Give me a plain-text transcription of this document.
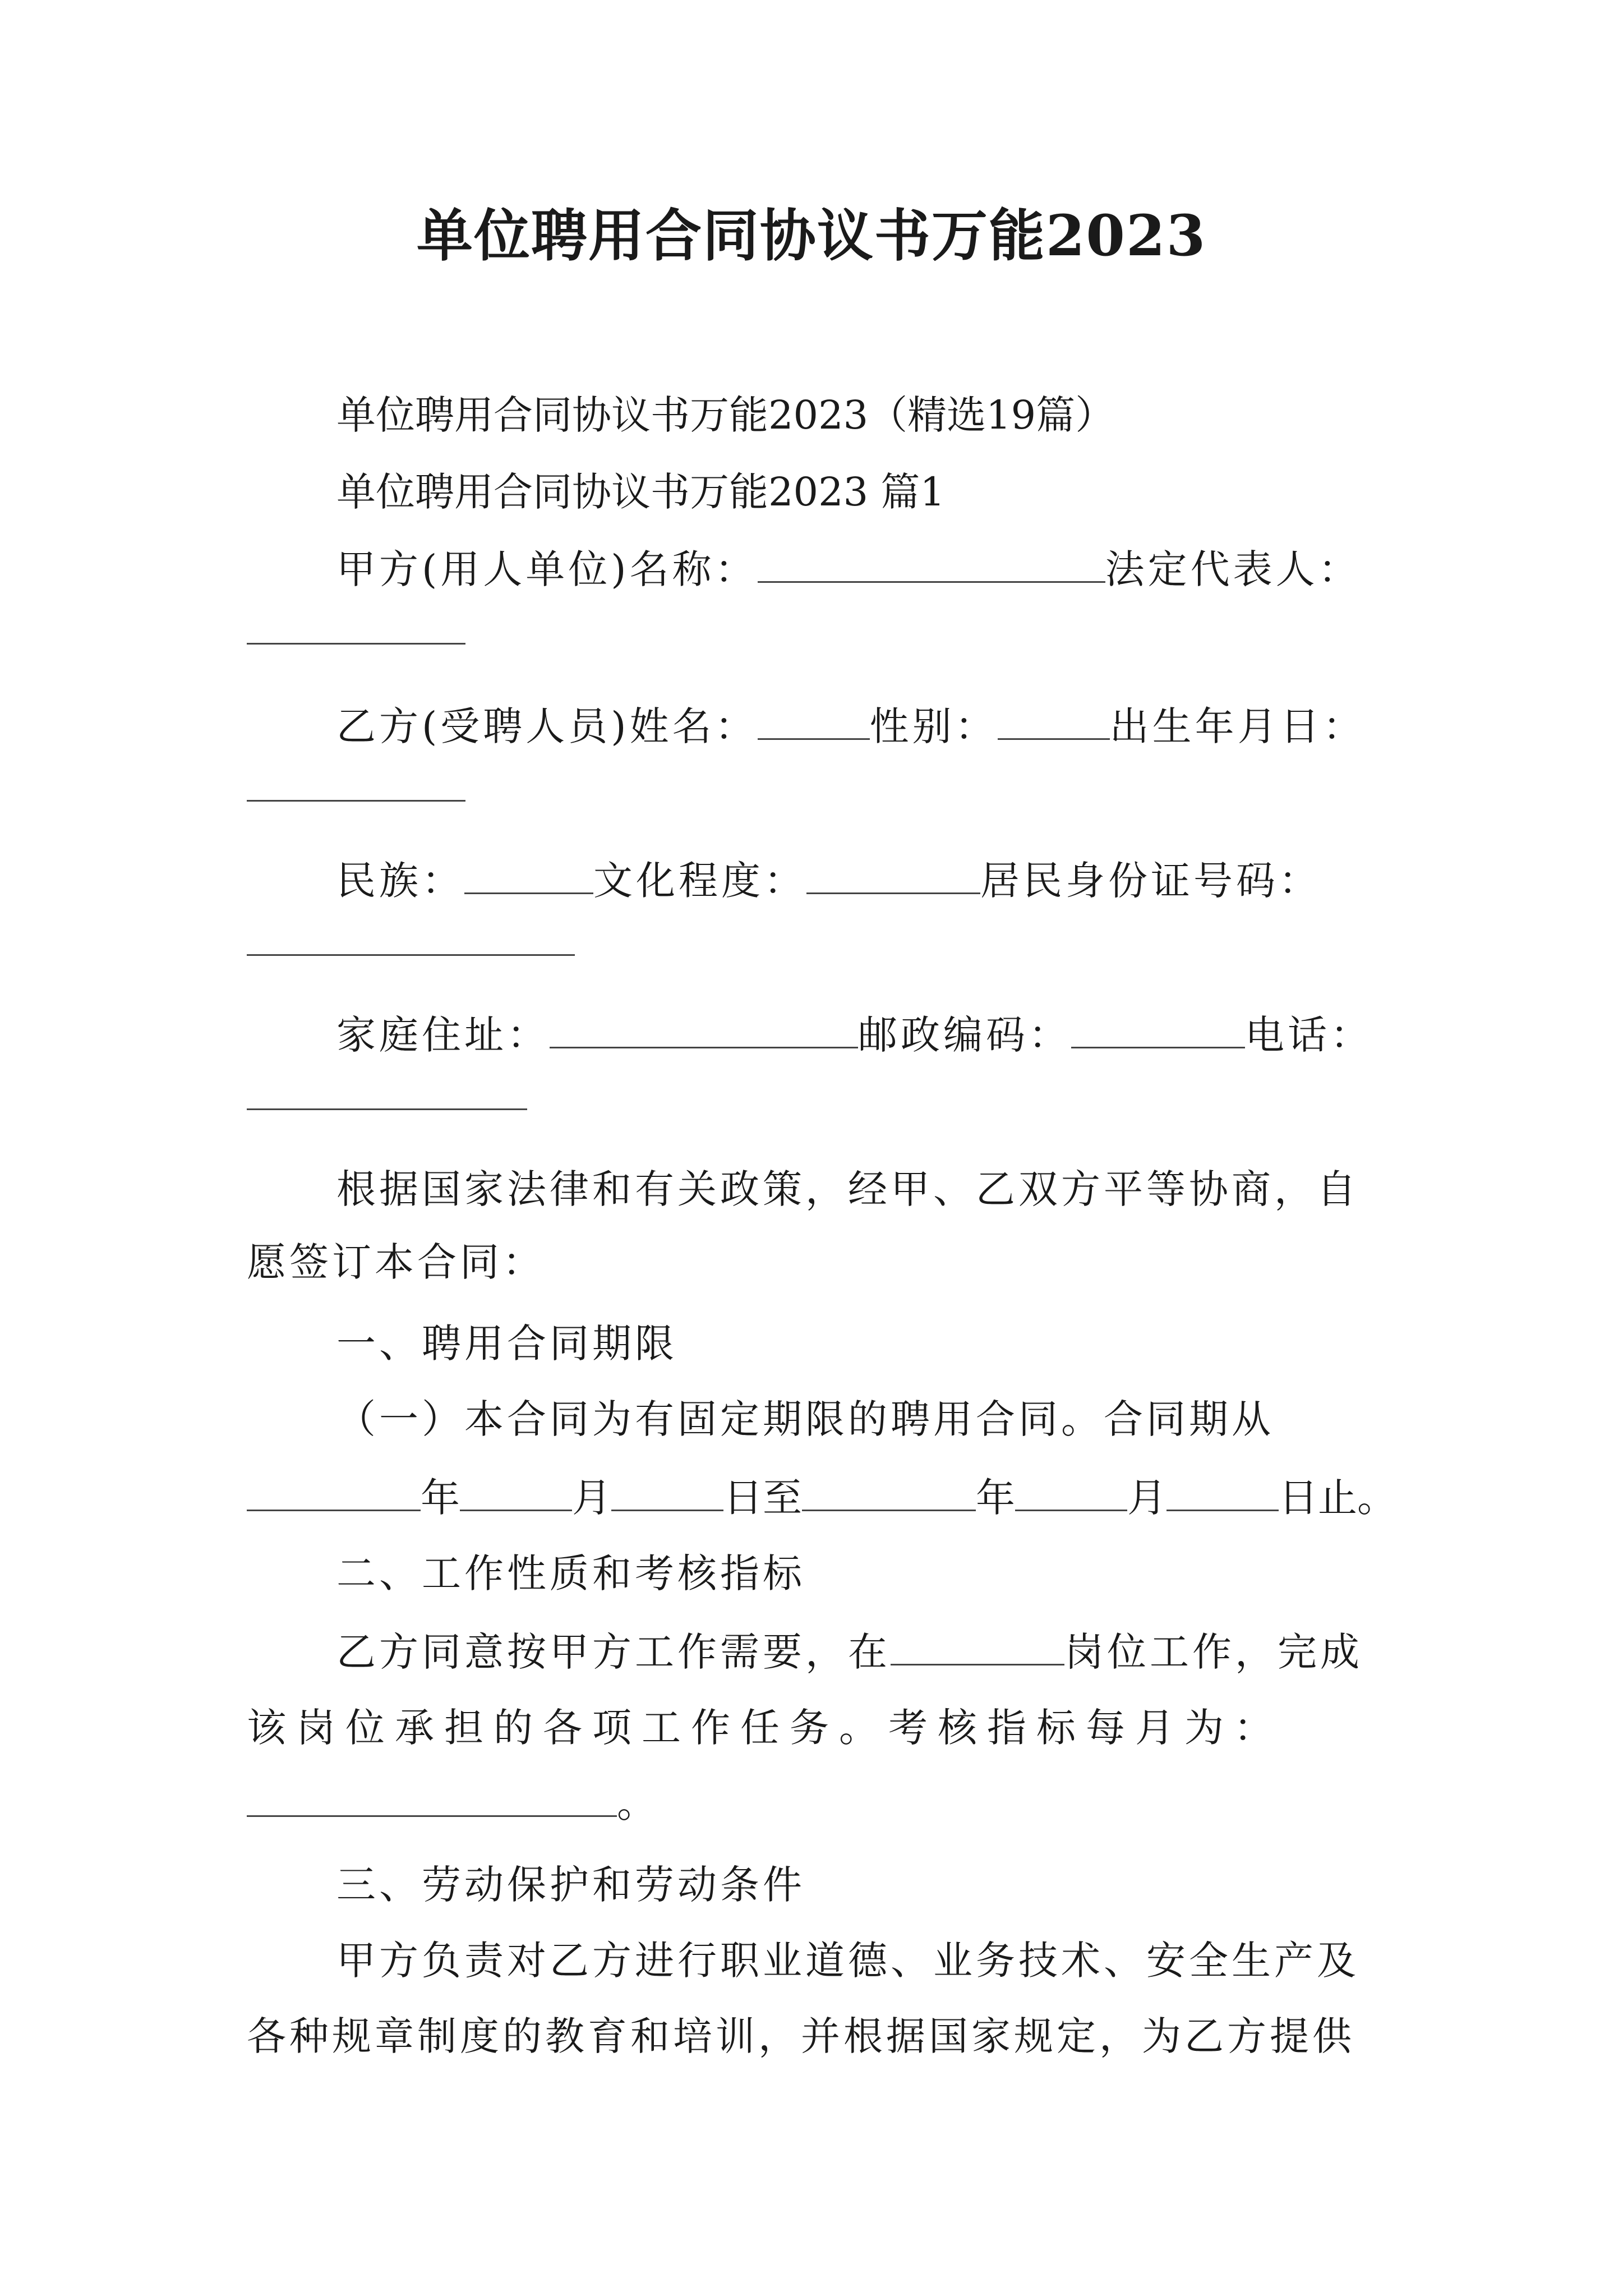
单位聘用合同协议书万能2023
单位聘用合同协议书万能2023（精选19篇）
单位聘用合同协议书万能2023 篇1
甲方(用人单位)名称：	法定代表人：
乙方(受聘人员)姓名：	性别：	出生年月日：
民族：	文化程度：	居民身份证号码：
家庭住址：	邮政编码：	电话：
根据国家法律和有关政策，经甲、乙双方平等协商，自
愿签订本合同：
一、聘用合同期限
（一）本合同为有固定期限的聘用合同。合同期从
年	月	日至	年	月	日止。
二、工作性质和考核指标
乙方同意按甲方工作需要，在	岗位工作，完成
该岗位承担的各项工作任务。考核指标每月为：
。
三、劳动保护和劳动条件
甲方负责对乙方进行职业道德、业务技术、安全生产及
各种规章制度的教育和培训，并根据国家规定，为乙方提供
